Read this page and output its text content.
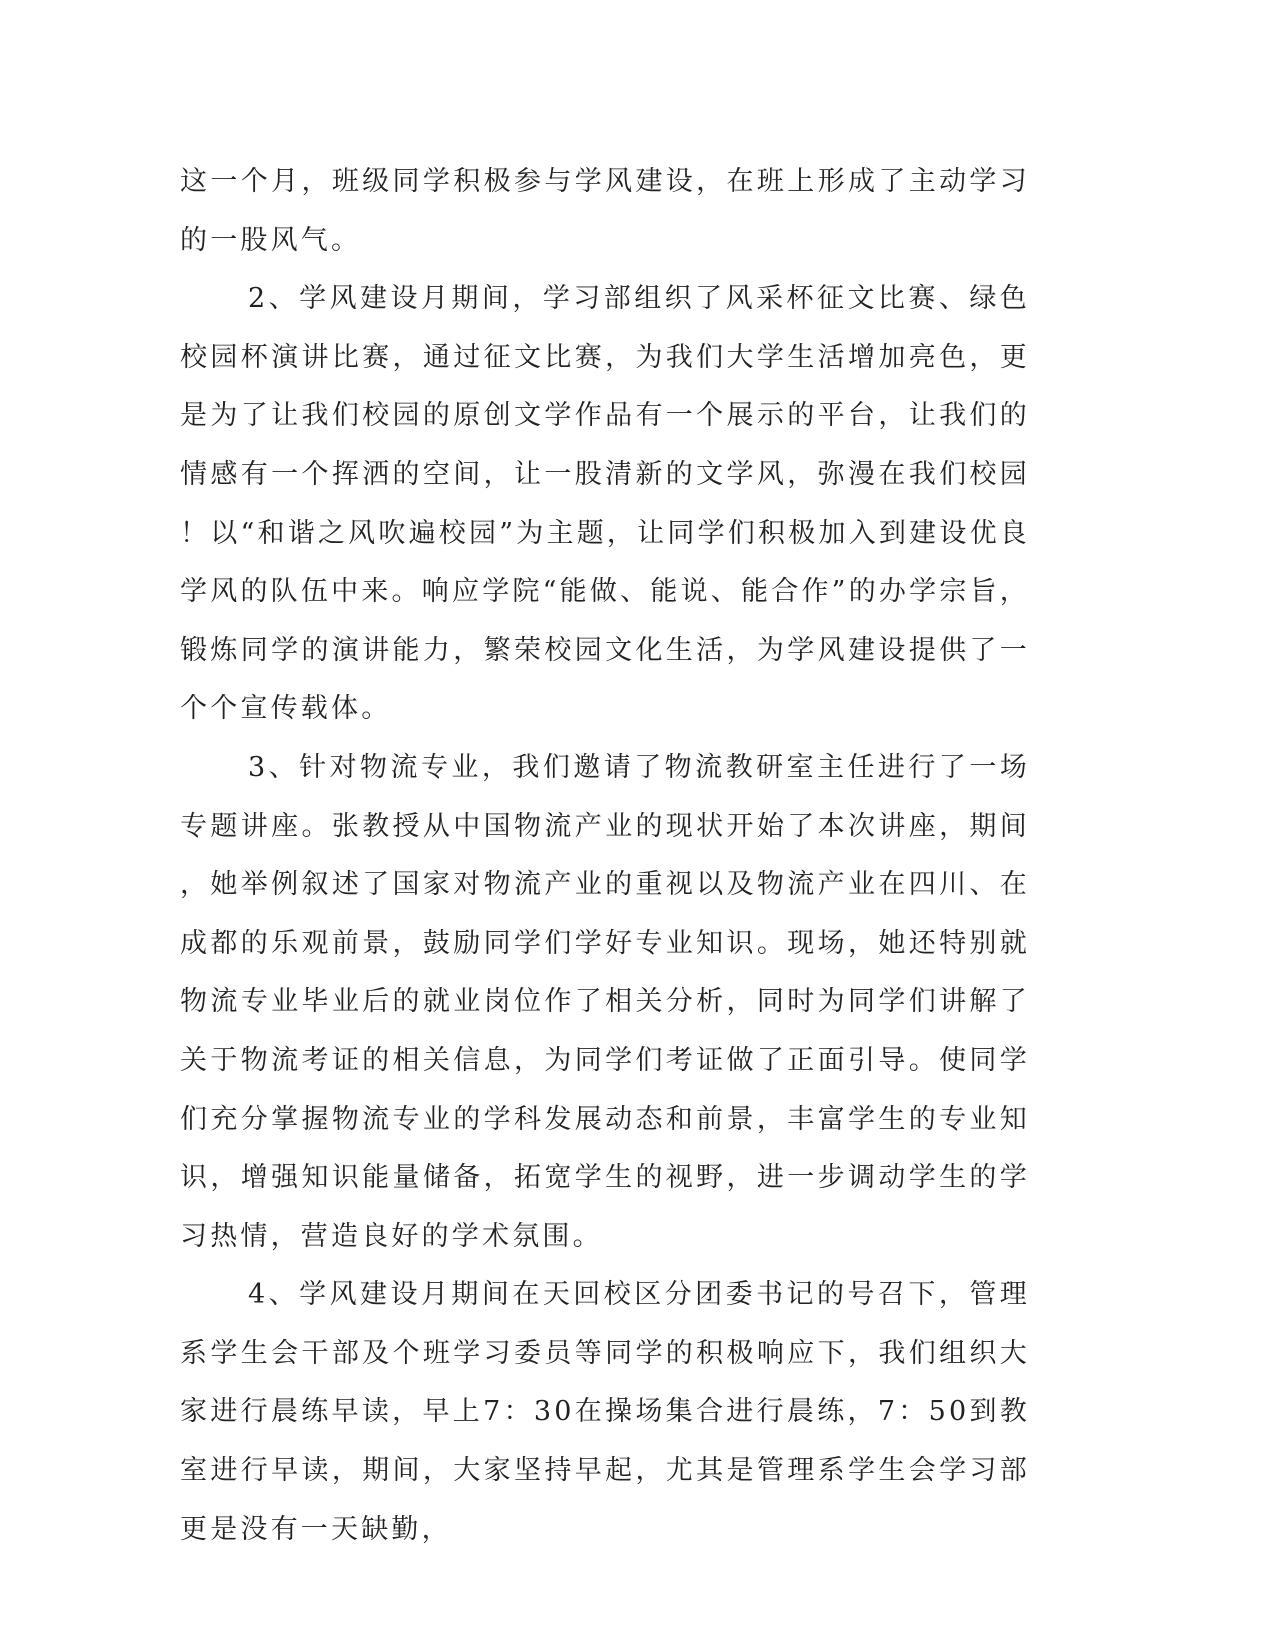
这一个月，班级同学积极参与学风建设，在班上形成了主动学习的一股风气。

2、学风建设月期间，学习部组织了风采杯征文比赛、绿色校园杯演讲比赛，通过征文比赛，为我们大学生活增加亮色，更是为了让我们校园的原创文学作品有一个展示的平台，让我们的情感有一个挥洒的空间，让一股清新的文学风，弥漫在我们校园！以“和谐之风吹遍校园”为主题，让同学们积极加入到建设优良学风的队伍中来。响应学院“能做、能说、能合作”的办学宗旨，锻炼同学的演讲能力，繁荣校园文化生活，为学风建设提供了一个个宣传载体。

3、针对物流专业，我们邀请了物流教研室主任进行了一场专题讲座。张教授从中国物流产业的现状开始了本次讲座，期间，她举例叙述了国家对物流产业的重视以及物流产业在四川、在成都的乐观前景，鼓励同学们学好专业知识。现场，她还特别就物流专业毕业后的就业岗位作了相关分析，同时为同学们讲解了关于物流考证的相关信息，为同学们考证做了正面引导。使同学们充分掌握物流专业的学科发展动态和前景，丰富学生的专业知识，增强知识能量储备，拓宽学生的视野，进一步调动学生的学习热情，营造良好的学术氛围。

4、学风建设月期间在天回校区分团委书记的号召下，管理系学生会干部及个班学习委员等同学的积极响应下，我们组织大家进行晨练早读，早上7：30在操场集合进行晨练，7：50到教室进行早读，期间，大家坚持早起，尤其是管理系学生会学习部更是没有一天缺勤，
